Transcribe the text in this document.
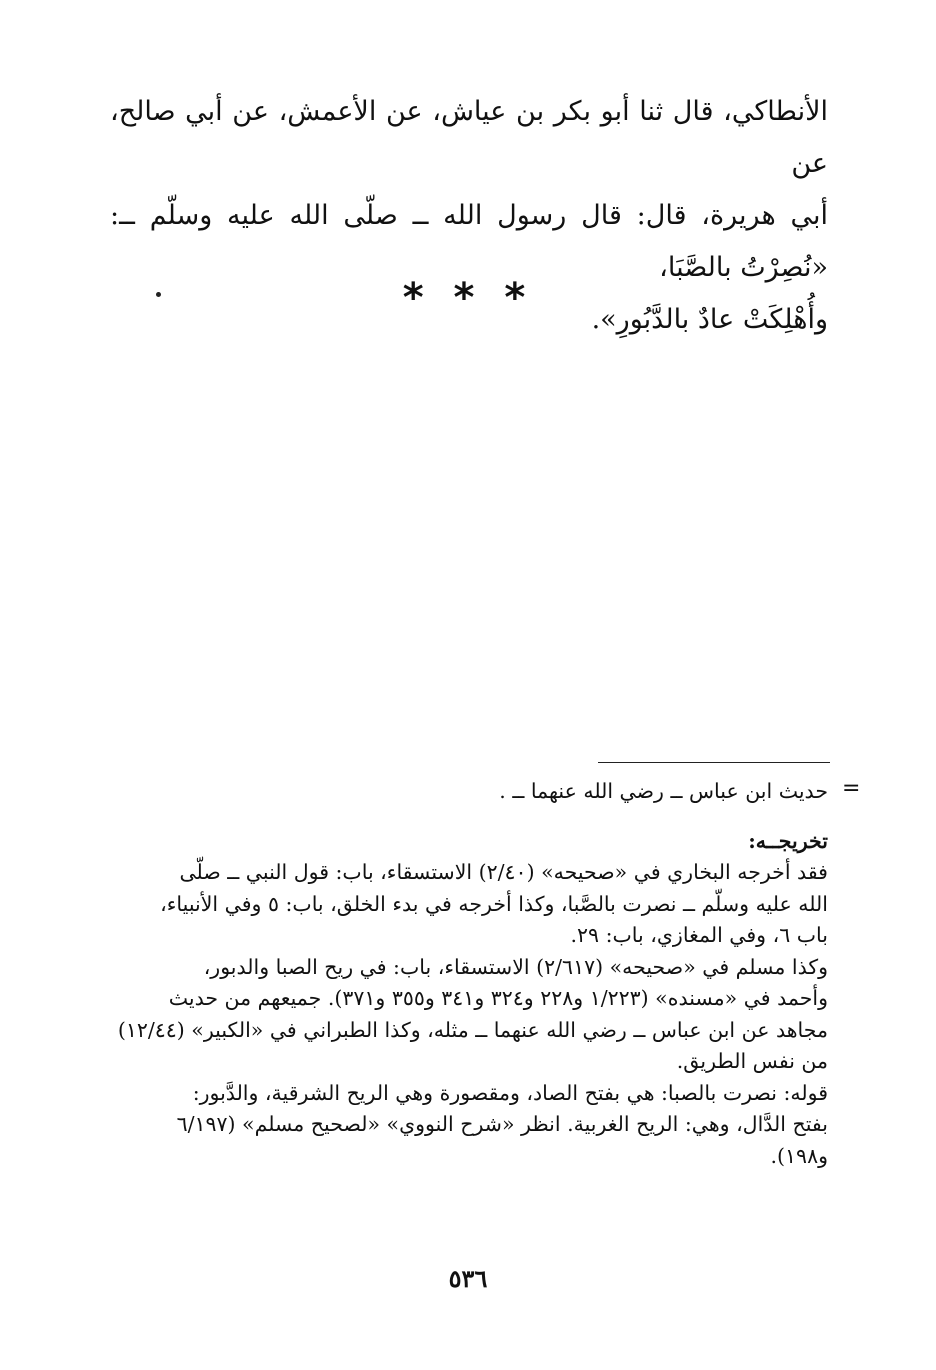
الأنطاكي، قال ثنا أبو بكر بن عياش، عن الأعمش، عن أبي صالح، عن
أبي هريرة، قال: قال رسول الله ــ صلّى الله عليه وسلّم ــ: «نُصِرْتُ بالصَّبَا،
وأُهْلِكَتْ عادٌ بالدَّبُورِ».

* * *
=
حديث ابن عباس ــ رضي الله عنهما ــ .
تخريجــه:
فقد أخرجه البخاري في «صحيحه» (٢/٤٠) الاستسقاء، باب: قول النبي ــ صلّى
الله عليه وسلّم ــ نصرت بالصَّبا، وكذا أخرجه في بدء الخلق، باب: ٥ وفي الأنبياء،
باب ٦، وفي المغازي، باب: ٢٩.
وكذا مسلم في «صحيحه» (٢/٦١٧) الاستسقاء، باب: في ريح الصبا والدبور،
وأحمد في «مسنده» (١/٢٢٣ و٢٢٨ و٣٢٤ و٣٤١ و٣٥٥ و٣٧١). جميعهم من حديث
مجاهد عن ابن عباس ــ رضي الله عنهما ــ مثله، وكذا الطبراني في «الكبير» (١٢/٤٤)
من نفس الطريق.
قوله: نصرت بالصبا: هي بفتح الصاد، ومقصورة وهي الريح الشرقية، والدَّبور:
بفتح الدَّال، وهي: الريح الغربية. انظر «شرح النووي» «لصحيح مسلم» (٦/١٩٧
و١٩٨).
٥٣٦
